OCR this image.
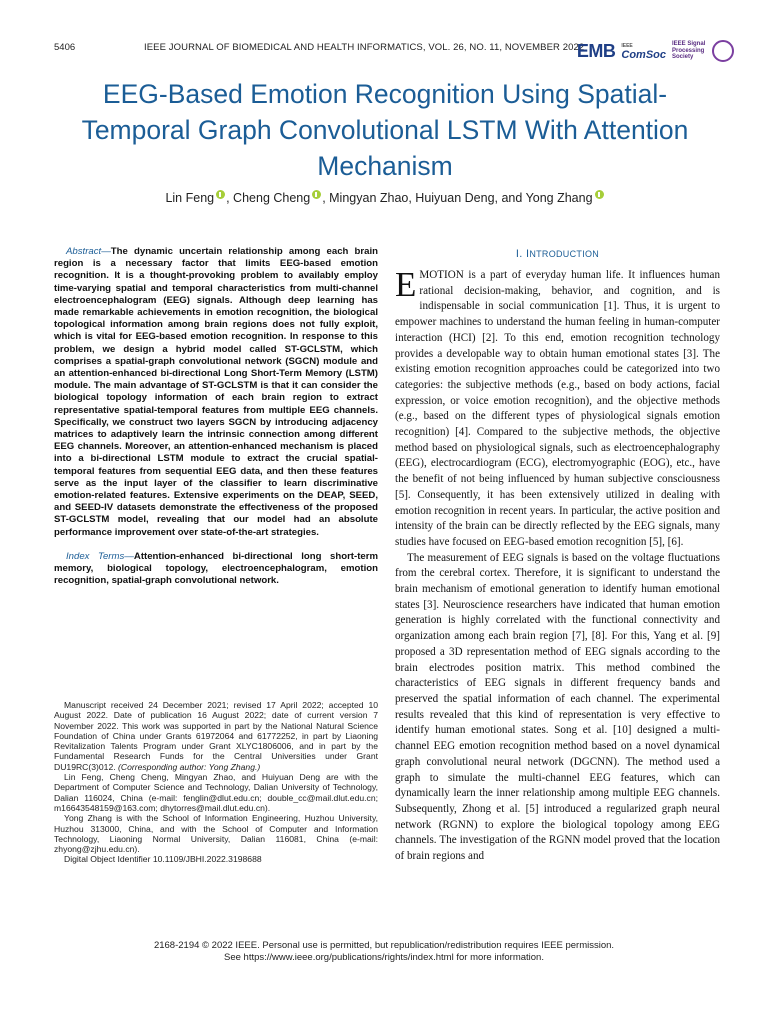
5406	IEEE JOURNAL OF BIOMEDICAL AND HEALTH INFORMATICS, VOL. 26, NO. 11, NOVEMBER 2022
EMB IEEE
ComSoc
IEEE Signal Processing Society
EEG-Based Emotion Recognition Using Spatial-Temporal Graph Convolutional LSTM With Attention Mechanism
Lin Feng , Cheng Cheng , Mingyan Zhao, Huiyuan Deng, and Yong Zhang

Abstract—The dynamic uncertain relationship among each brain region is a necessary factor that limits EEG-based emotion recognition. It is a thought-provoking problem to availably employ time-varying spatial and temporal characteristics from multi-channel electroencephalogram (EEG) signals. Although deep learning has made remarkable achievements in emotion recognition, the biological topological information among brain regions does not fully exploit, which is vital for EEG-based emotion recognition. In response to this problem, we design a hybrid model called ST-GCLSTM, which comprises a spatial-graph convolutional network (SGCN) module and an attention-enhanced bi-directional Long Short-Term Memory (LSTM) module. The main advantage of ST-GCLSTM is that it can consider the biological topology information of each brain region to extract representative spatial-temporal features from multiple EEG channels. Specifically, we construct two layers SGCN by introducing adjacency matrices to adaptively learn the intrinsic connection among different EEG channels. Moreover, an attention-enhanced mechanism is placed into a bi-directional LSTM module to extract the crucial spatial-temporal features from sequential EEG data, and then these features serve as the input layer of the classifier to learn discriminative emotion-related features. Extensive experiments on the DEAP, SEED, and SEED-IV datasets demonstrate the effectiveness of the proposed ST-GCLSTM model, revealing that our model had an absolute performance improvement over state-of-the-art strategies.

Index Terms—Attention-enhanced bi-directional long short-term memory, biological topology, electroencephalogram, emotion recognition, spatial-graph convolutional network.

Manuscript received 24 December 2021; revised 17 April 2022; accepted 10 August 2022. Date of publication 16 August 2022; date of current version 7 November 2022. This work was supported in part by the National Natural Science Foundation of China under Grants 61972064 and 61772252, in part by Liaoning Revitalization Talents Program under Grant XLYC1806006, and in part by the Fundamental Research Funds for the Central Universities under Grant DU19RC(3)012. (Corresponding author: Yong Zhang.)

Lin Feng, Cheng Cheng, Mingyan Zhao, and Huiyuan Deng are with the Department of Computer Science and Technology, Dalian University of Technology, Dalian 116024, China (e-mail: fenglin@dlut.edu.cn; double_cc@mail.dlut.edu.cn; m16643548159@163.com; dhytorres@mail.dlut.edu.cn).

Yong Zhang is with the School of Information Engineering, Huzhou University, Huzhou 313000, China, and with the School of Computer and Information Technology, Liaoning Normal University, Dalian 116081, China (e-mail: zhyong@zjhu.edu.cn).

Digital Object Identifier 10.1109/JBHI.2022.3198688

I. INTRODUCTION

EMOTION is a part of everyday human life. It influences human rational decision-making, behavior, and cognition, and is indispensable in social communication [1]. Thus, it is urgent to empower machines to understand the human feeling in human-computer interaction (HCI) [2]. To this end, emotion recognition technology provides a developable way to obtain human emotional states [3]. The existing emotion recognition approaches could be categorized into two categories: the subjective methods (e.g., based on body actions, facial expression, or voice emotion recognition), and the objective methods (e.g., based on the different types of physiological signals emotion recognition) [4]. Compared to the subjective methods, the objective method based on physiological signals, such as electroencephalography (EEG), electrocardiogram (ECG), electromyographic (EOG), etc., have the benefit of not being influenced by human subjective consciousness [5]. Consequently, it has been extensively utilized in dealing with emotion recognition in recent years. In particular, the active position and intensity of the brain can be directly reflected by the EEG signals, many studies have focused on EEG-based emotion recognition [5], [6].

The measurement of EEG signals is based on the voltage fluctuations from the cerebral cortex. Therefore, it is significant to understand the brain mechanism of emotional generation to identify human emotional states [3]. Neuroscience researchers have indicated that human emotion generation is highly correlated with the functional connectivity and organization among each brain region [7], [8]. For this, Yang et al. [9] proposed a 3D representation method of EEG signals according to the brain electrodes position matrix. This method combined the characteristics of EEG signals in different frequency bands and preserved the spatial information of each channel. The experimental results revealed that this kind of representation is very effective to identify human emotional states. Song et al. [10] designed a multi-channel EEG emotion recognition method based on a novel dynamical graph convolutional neural network (DGCNN). The method used a graph to simulate the multi-channel EEG features, which can dynamically learn the inner relationship among multiple EEG channels. Subsequently, Zhong et al. [5] introduced a regularized graph neural network (RGNN) to explore the biological topology among EEG channels. The investigation of the RGNN model proved that the location of brain regions and

2168-2194 © 2022 IEEE. Personal use is permitted, but republication/redistribution requires IEEE permission.
See https://www.ieee.org/publications/rights/index.html for more information.
